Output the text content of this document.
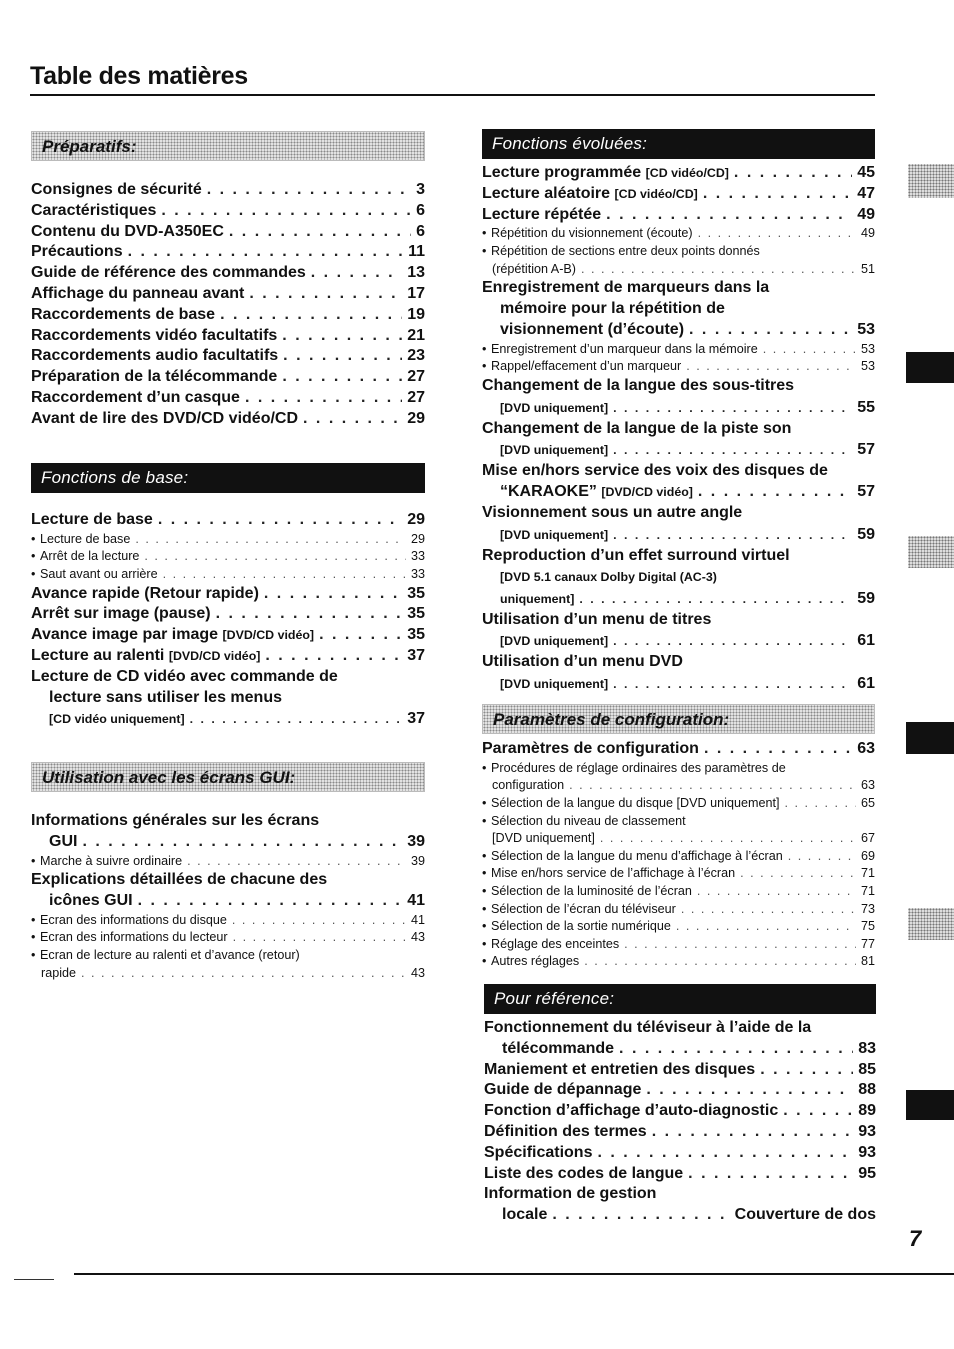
Table des matières
Préparatifs:
Consignes de sécurité . . .	3
Caractéristiques . . .	6
Contenu du DVD-A350EC . . .	6
Précautions . . .	11
Guide de référence des commandes . . .	13
Affichage du panneau avant . . .	17
Raccordements de base . . .	19
Raccordements vidéo facultatifs . . .	21
Raccordements audio facultatifs . . .	23
Préparation de la télécommande . . .	27
Raccordement d’un casque . . .	27
Avant de lire des DVD/CD vidéo/CD . . .	29
Fonctions de base:
Lecture de base . . .	29
• Lecture de base . . .	29
• Arrêt de la lecture . . .	33
• Saut avant ou arrière . . .	33
Avance rapide (Retour rapide) . . .	35
Arrêt sur image (pause) . . .	35
Avance image par image [DVD/CD vidéo] . . .	35
Lecture au ralenti [DVD/CD vidéo] . . .	37
Lecture de CD vidéo avec commande de
lecture sans utiliser les menus
[CD vidéo uniquement] . . .	37
Utilisation avec les écrans GUI:
Informations générales sur les écrans
GUI . . .	39
• Marche à suivre ordinaire . . .	39
Explications détaillées de chacune des
icônes GUI . . .	41
• Ecran des informations du disque . . .	41
• Ecran des informations du lecteur . . .	43
• Ecran de lecture au ralenti et d’avance (retour)
rapide . . .	43
Fonctions évoluées:
Lecture programmée [CD vidéo/CD] . . .	45
Lecture aléatoire [CD vidéo/CD] . . .	47
Lecture répétée . . .	49
• Répétition du visionnement (écoute) . . .	49
• Répétition de sections entre deux points donnés
(répétition A-B) . . .	51
Enregistrement de marqueurs dans la
mémoire pour la répétition de
visionnement (d’écoute) . . .	53
• Enregistrement d’un marqueur dans la mémoire . . .	53
• Rappel/effacement d’un marqueur . . .	53
Changement de la langue des sous-titres
[DVD uniquement] . . .	55
Changement de la langue de la piste son
[DVD uniquement] . . .	57
Mise en/hors service des voix des disques de
“KARAOKE” [DVD/CD vidéo] . . .	57
Visionnement sous un autre angle
[DVD uniquement] . . .	59
Reproduction d’un effet surround virtuel
[DVD 5.1 canaux Dolby Digital (AC-3)
uniquement] . . .	59
Utilisation d’un menu de titres
[DVD uniquement] . . .	61
Utilisation d’un menu DVD
[DVD uniquement] . . .	61
Paramètres de configuration:
Paramètres de configuration . . .	63
• Procédures de réglage ordinaires des paramètres de
configuration . . .	63
• Sélection de la langue du disque [DVD uniquement] . . .	65
• Sélection du niveau de classement
[DVD uniquement] . . .	67
• Sélection de la langue du menu d’affichage à l’écran . . .	69
• Mise en/hors service de l’affichage à l’écran . . .	71
• Sélection de la luminosité de l’écran . . .	71
• Sélection de l’écran du téléviseur . . .	73
• Sélection de la sortie numérique . . .	75
• Réglage des enceintes . . .	77
• Autres réglages . . .	81
Pour référence:
Fonctionnement du téléviseur à l’aide de la
télécommande . . .	83
Maniement et entretien des disques . . .	85
Guide de dépannage . . .	88
Fonction d’affichage d’auto-diagnostic . . .	89
Définition des termes . . .	93
Spécifications . . .	93
Liste des codes de langue . . .	95
Information de gestion
locale . . .	Couverture de dos
7
